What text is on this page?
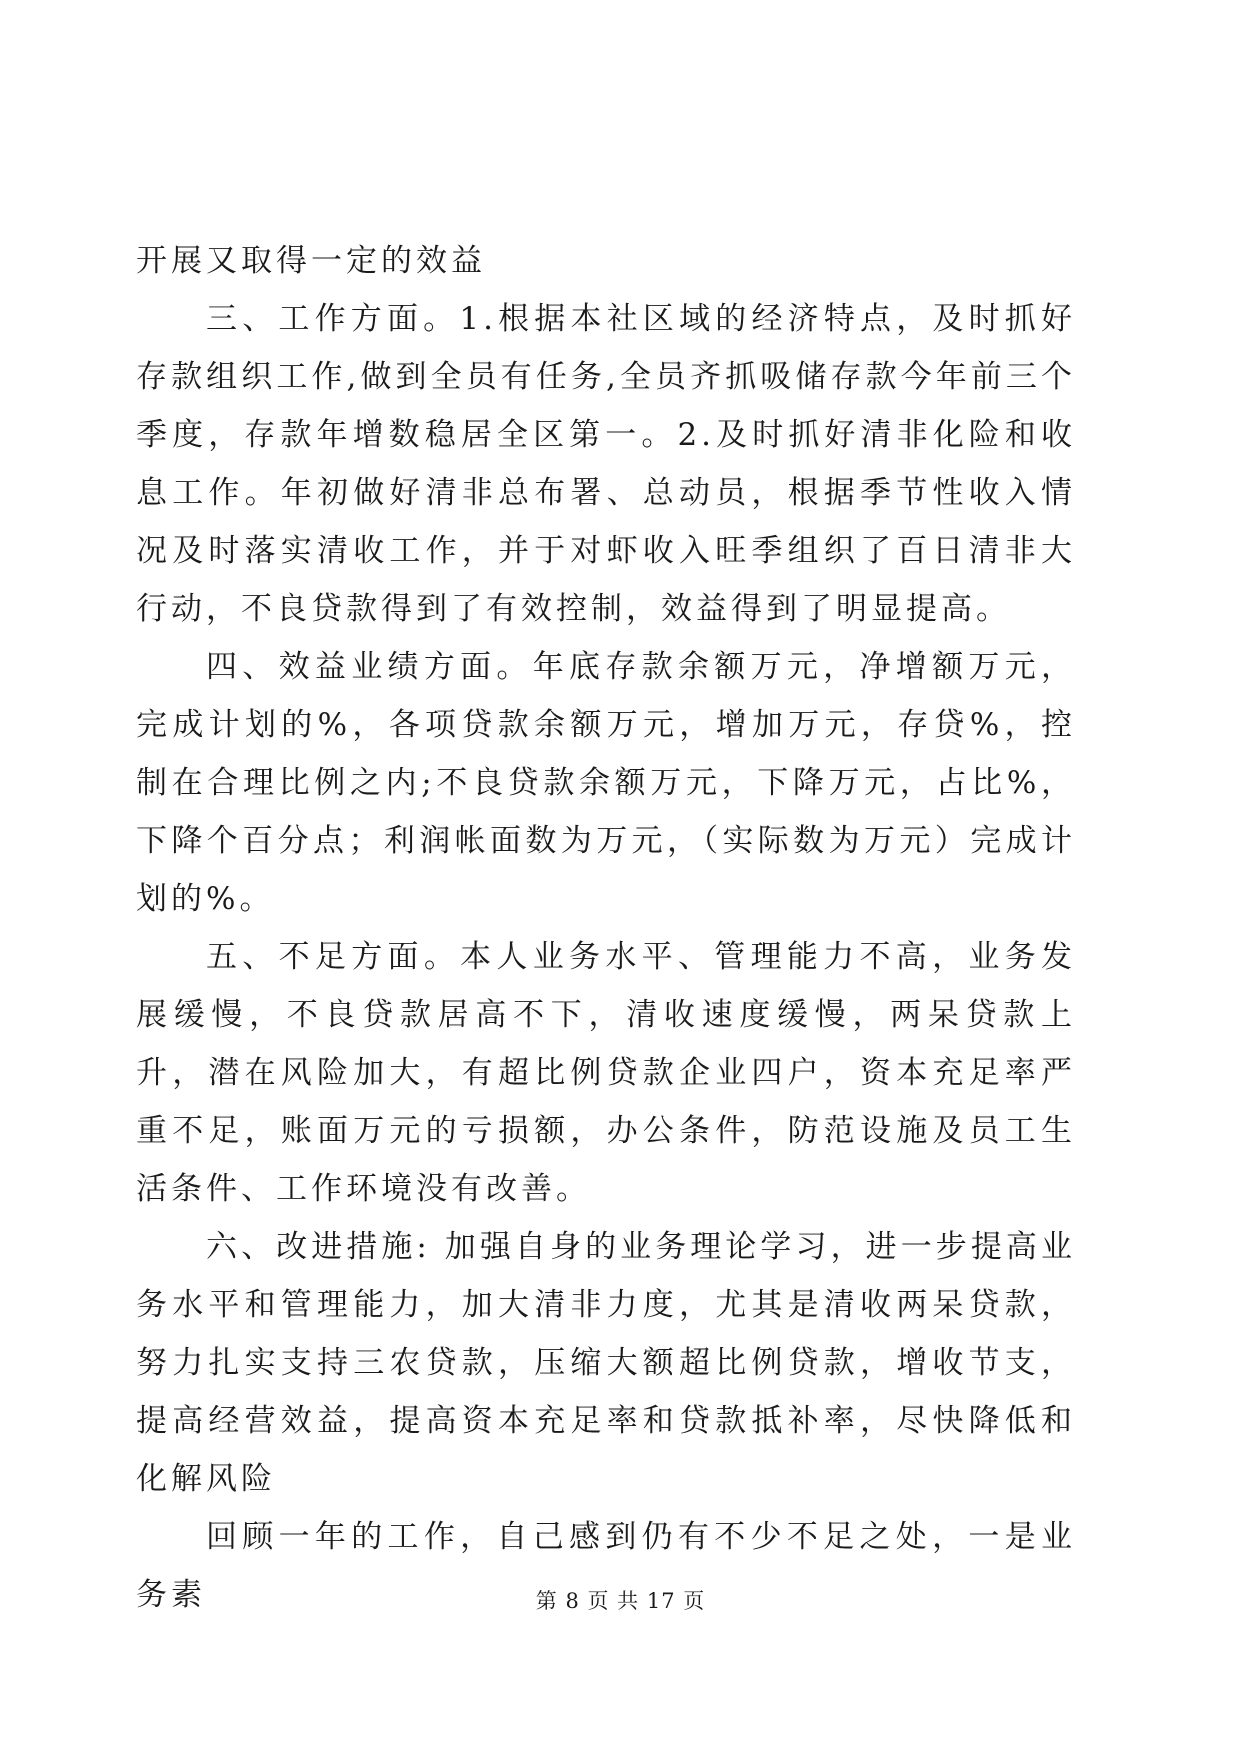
开展又取得一定的效益

三、工作方面。1.根据本社区域的经济特点，及时抓好存款组织工作,做到全员有任务,全员齐抓吸储存款今年前三个季度，存款年增数稳居全区第一。2.及时抓好清非化险和收息工作。年初做好清非总布署、总动员，根据季节性收入情况及时落实清收工作，并于对虾收入旺季组织了百日清非大行动，不良贷款得到了有效控制，效益得到了明显提高。

四、效益业绩方面。年底存款余额万元，净增额万元，完成计划的%，各项贷款余额万元，增加万元，存贷%，控制在合理比例之内;不良贷款余额万元，下降万元，占比%，下降个百分点；利润帐面数为万元，（实际数为万元）完成计划的%。

五、不足方面。本人业务水平、管理能力不高，业务发展缓慢，不良贷款居高不下，清收速度缓慢，两呆贷款上升，潜在风险加大，有超比例贷款企业四户，资本充足率严重不足，账面万元的亏损额，办公条件，防范设施及员工生活条件、工作环境没有改善。

六、改进措施: 加强自身的业务理论学习，进一步提高业务水平和管理能力，加大清非力度，尤其是清收两呆贷款，努力扎实支持三农贷款，压缩大额超比例贷款，增收节支，提高经营效益，提高资本充足率和贷款抵补率，尽快降低和化解风险

回顾一年的工作，自己感到仍有不少不足之处，一是业务素	第 8 页 共 17 页
